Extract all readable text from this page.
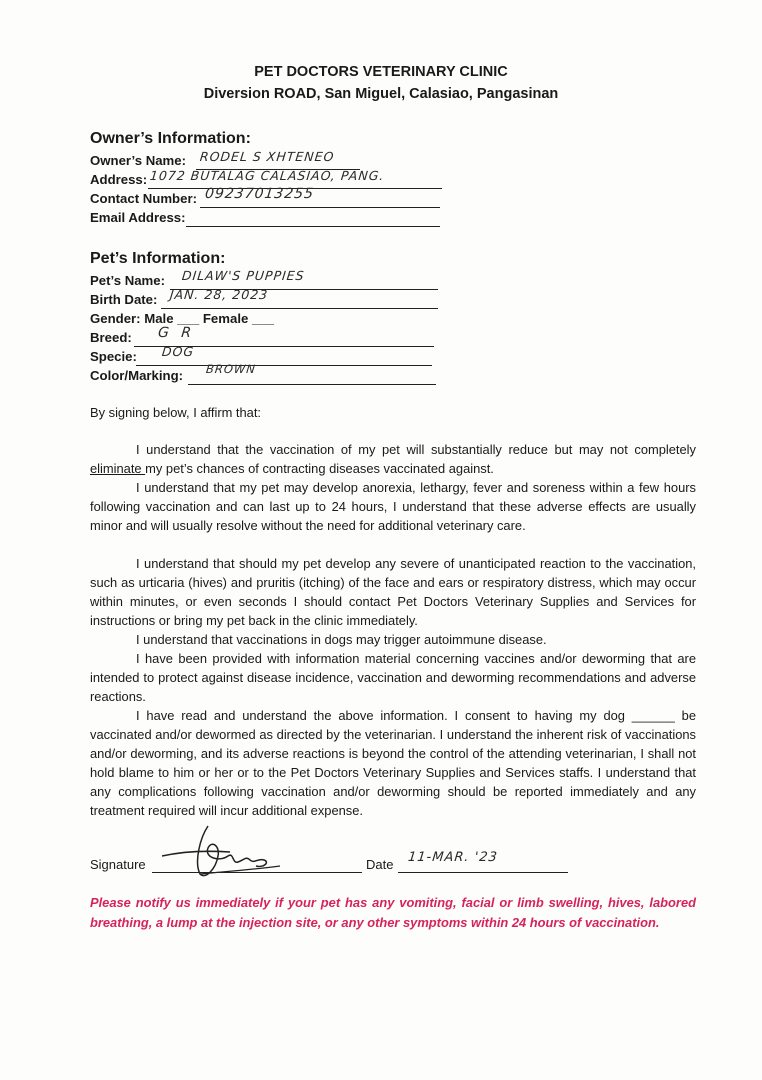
PET DOCTORS VETERINARY CLINIC
Diversion ROAD, San Miguel, Calasiao, Pangasinan
Owner’s Information:
Owner’s Name: RODEL S XHTENEO
Address: 1072 BUTALAG CALASIAO, PANG.
Contact Number: 09237013255
Email Address:
Pet’s Information:
Pet’s Name: DILAW'S PUPPIES
Birth Date: JAN. 28, 2023
Gender: Male ___ Female ___
Breed: G R
Specie: DOG
Color/Marking: BROWN
By signing below, I affirm that:
I understand that the vaccination of my pet will substantially reduce but may not completely eliminate my pet’s chances of contracting diseases vaccinated against.
I understand that my pet may develop anorexia, lethargy, fever and soreness within a few hours following vaccination and can last up to 24 hours, I understand that these adverse effects are usually minor and will usually resolve without the need for additional veterinary care.
I understand that should my pet develop any severe of unanticipated reaction to the vaccination, such as urticaria (hives) and pruritis (itching) of the face and ears or respiratory distress, which may occur within minutes, or even seconds I should contact Pet Doctors Veterinary Supplies and Services for instructions or bring my pet back in the clinic immediately.
I understand that vaccinations in dogs may trigger autoimmune disease.
I have been provided with information material concerning vaccines and/or deworming that are intended to protect against disease incidence, vaccination and deworming recommendations and adverse reactions.
I have read and understand the above information. I consent to having my dog ______ be vaccinated and/or dewormed as directed by the veterinarian. I understand the inherent risk of vaccinations and/or deworming, and its adverse reactions is beyond the control of the attending veterinarian, I shall not hold blame to him or her or to the Pet Doctors Veterinary Supplies and Services staffs. I understand that any complications following vaccination and/or deworming should be reported immediately and any treatment required will incur additional expense.
Signature	Date 11-MAR. '23
Please notify us immediately if your pet has any vomiting, facial or limb swelling, hives, labored breathing, a lump at the injection site, or any other symptoms within 24 hours of vaccination.
